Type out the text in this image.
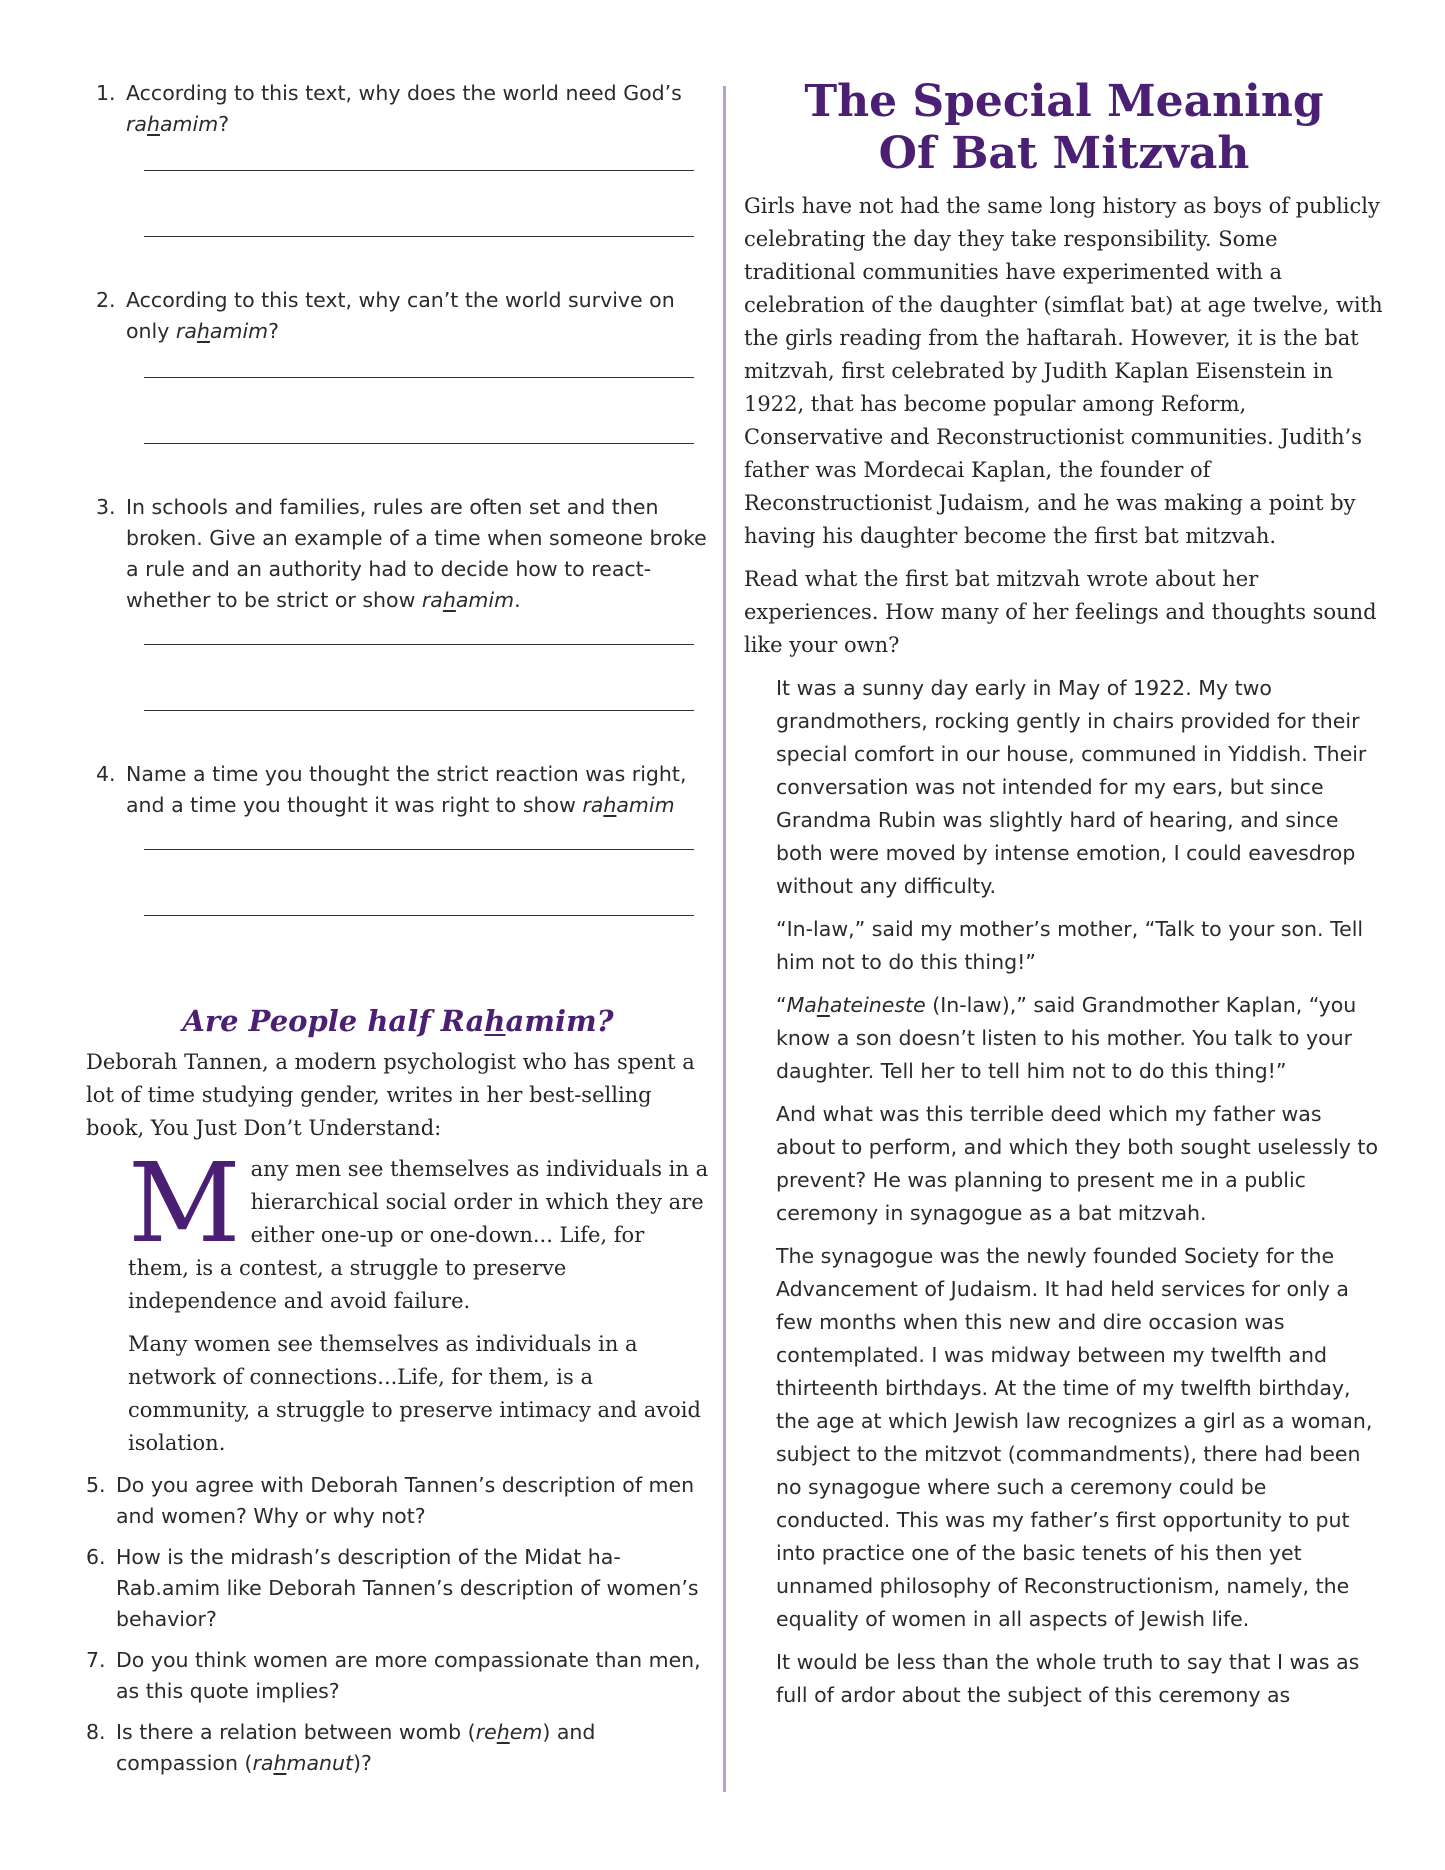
1. According to this text, why does the world need God’s rahamim?
2. According to this text, why can’t the world survive on only rahamim?
3. In schools and families, rules are often set and then broken. Give an example of a time when someone broke a rule and an authority had to decide how to react-whether to be strict or show rahamim.
4. Name a time you thought the strict reaction was right, and a time you thought it was right to show rahamim
Are People half Rahamim?

Deborah Tannen, a modern psychologist who has spent a lot of time studying gender, writes in her best-selling book, You Just Don’t Understand:

Many men see themselves as individuals in a hierarchical social order in which they are either one-up or one-down... Life, for them, is a contest, a struggle to preserve independence and avoid failure.

Many women see themselves as individuals in a network of connections...Life, for them, is a community, a struggle to preserve intimacy and avoid isolation.

5. Do you agree with Deborah Tannen’s description of men and women? Why or why not?
6. How is the midrash’s description of the Midat ha-Rab.amim like Deborah Tannen’s description of women’s behavior?
7. Do you think women are more compassionate than men, as this quote implies?
8. Is there a relation between womb (rehem) and compassion (rahmanut)?
The Special Meaning
Of Bat Mitzvah

Girls have not had the same long history as boys of publicly celebrating the day they take responsibility. Some traditional communities have experimented with a celebration of the daughter (simflat bat) at age twelve, with the girls reading from the haftarah. However, it is the bat mitzvah, first celebrated by Judith Kaplan Eisenstein in 1922, that has become popular among Reform, Conservative and Reconstructionist communities. Judith’s father was Mordecai Kaplan, the founder of Reconstructionist Judaism, and he was making a point by having his daughter become the first bat mitzvah.

Read what the first bat mitzvah wrote about her experiences. How many of her feelings and thoughts sound like your own?

It was a sunny day early in May of 1922. My two grandmothers, rocking gently in chairs provided for their special comfort in our house, communed in Yiddish. Their conversation was not intended for my ears, but since Grandma Rubin was slightly hard of hearing, and since both were moved by intense emotion, I could eavesdrop without any difficulty.

“In-law,” said my mother’s mother, “Talk to your son. Tell him not to do this thing!”

“Mahateineste (In-law),” said Grandmother Kaplan, “you know a son doesn’t listen to his mother. You talk to your daughter. Tell her to tell him not to do this thing!”

And what was this terrible deed which my father was about to perform, and which they both sought uselessly to prevent? He was planning to present me in a public ceremony in synagogue as a bat mitzvah.

The synagogue was the newly founded Society for the Advancement of Judaism. It had held services for only a few months when this new and dire occasion was contemplated. I was midway between my twelfth and thirteenth birthdays. At the time of my twelfth birthday, the age at which Jewish law recognizes a girl as a woman, subject to the mitzvot (commandments), there had been no synagogue where such a ceremony could be conducted. This was my father’s first opportunity to put into practice one of the basic tenets of his then yet unnamed philosophy of Reconstructionism, namely, the equality of women in all aspects of Jewish life.

It would be less than the whole truth to say that I was as full of ardor about the subject of this ceremony as
